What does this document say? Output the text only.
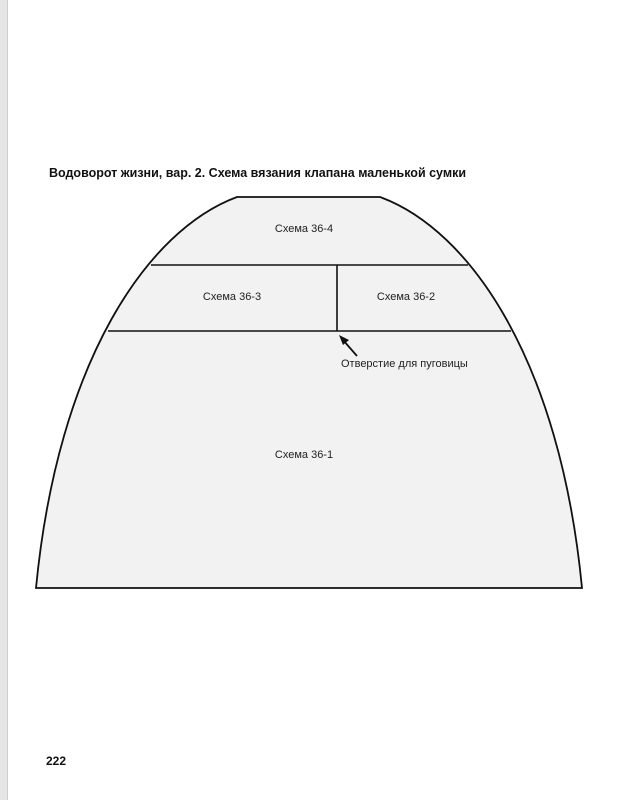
Водоворот жизни, вар. 2. Схема вязания клапана маленькой сумки
Схема 36-4
Схема 36-3	Схема 36-2
Схема 36-1
Отверстие для пуговицы
222
